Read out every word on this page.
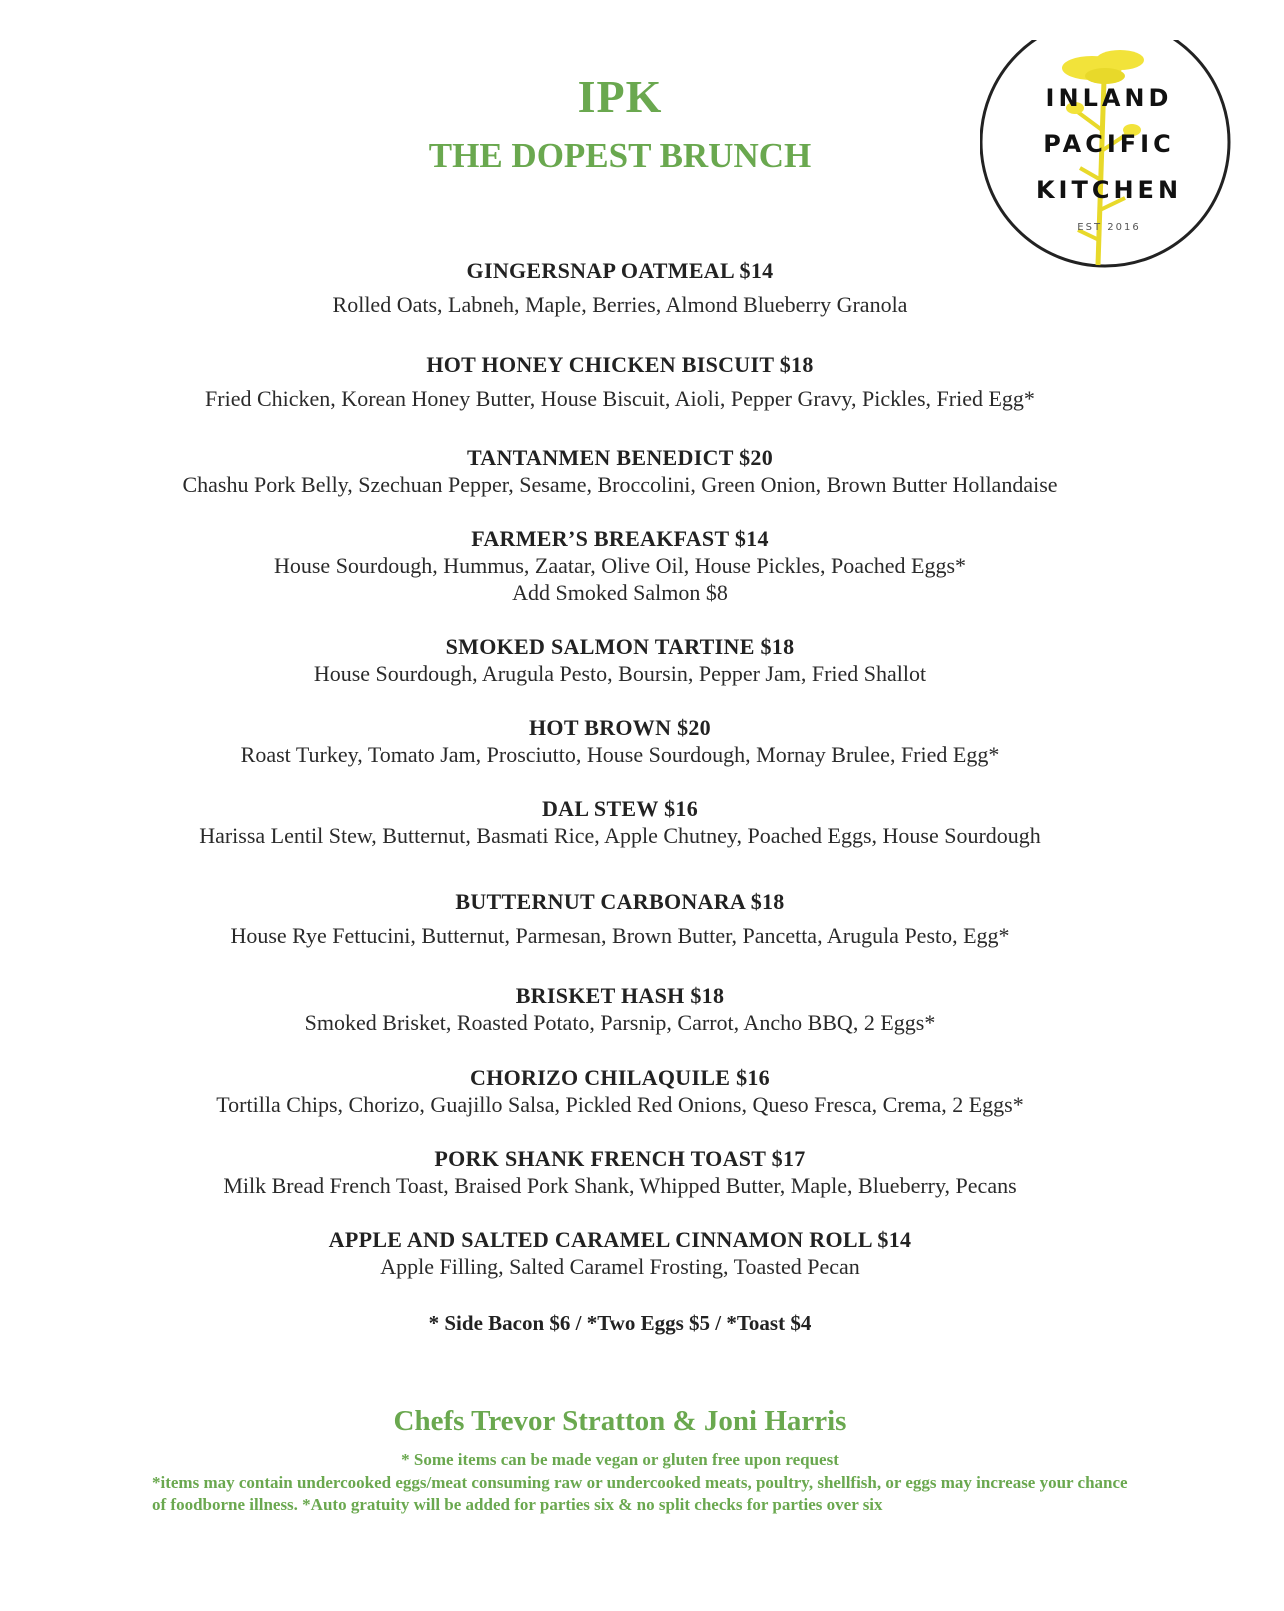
IPK
THE DOPEST BRUNCH
INLAND
PACIFIC
KITCHEN
EST 2016
GINGERSNAP OATMEAL $14
Rolled Oats, Labneh, Maple, Berries, Almond Blueberry Granola
HOT HONEY CHICKEN BISCUIT $18
Fried Chicken, Korean Honey Butter, House Biscuit, Aioli, Pepper Gravy, Pickles, Fried Egg*
TANTANMEN BENEDICT $20
Chashu Pork Belly, Szechuan Pepper, Sesame, Broccolini, Green Onion, Brown Butter Hollandaise
FARMER’S BREAKFAST $14
House Sourdough, Hummus, Zaatar, Olive Oil, House Pickles, Poached Eggs*
Add Smoked Salmon $8
SMOKED SALMON TARTINE $18
House Sourdough, Arugula Pesto, Boursin, Pepper Jam, Fried Shallot
HOT BROWN $20
Roast Turkey, Tomato Jam, Prosciutto, House Sourdough, Mornay Brulee, Fried Egg*
DAL STEW $16
Harissa Lentil Stew, Butternut, Basmati Rice, Apple Chutney, Poached Eggs, House Sourdough
BUTTERNUT CARBONARA $18
House Rye Fettucini, Butternut, Parmesan, Brown Butter, Pancetta, Arugula Pesto, Egg*
BRISKET HASH $18
Smoked Brisket, Roasted Potato, Parsnip, Carrot, Ancho BBQ, 2 Eggs*
CHORIZO CHILAQUILE $16
Tortilla Chips, Chorizo, Guajillo Salsa, Pickled Red Onions, Queso Fresca, Crema, 2 Eggs*
PORK SHANK FRENCH TOAST $17
Milk Bread French Toast, Braised Pork Shank, Whipped Butter, Maple, Blueberry, Pecans
APPLE AND SALTED CARAMEL CINNAMON ROLL $14
Apple Filling, Salted Caramel Frosting, Toasted Pecan
* Side Bacon $6 / *Two Eggs $5 / *Toast $4
Chefs Trevor Stratton & Joni Harris
* Some items can be made vegan or gluten free upon request
*items may contain undercooked eggs/meat consuming raw or undercooked meats, poultry, shellfish, or eggs may increase your chance of foodborne illness. *Auto gratuity will be added for parties six & no split checks for parties over six
